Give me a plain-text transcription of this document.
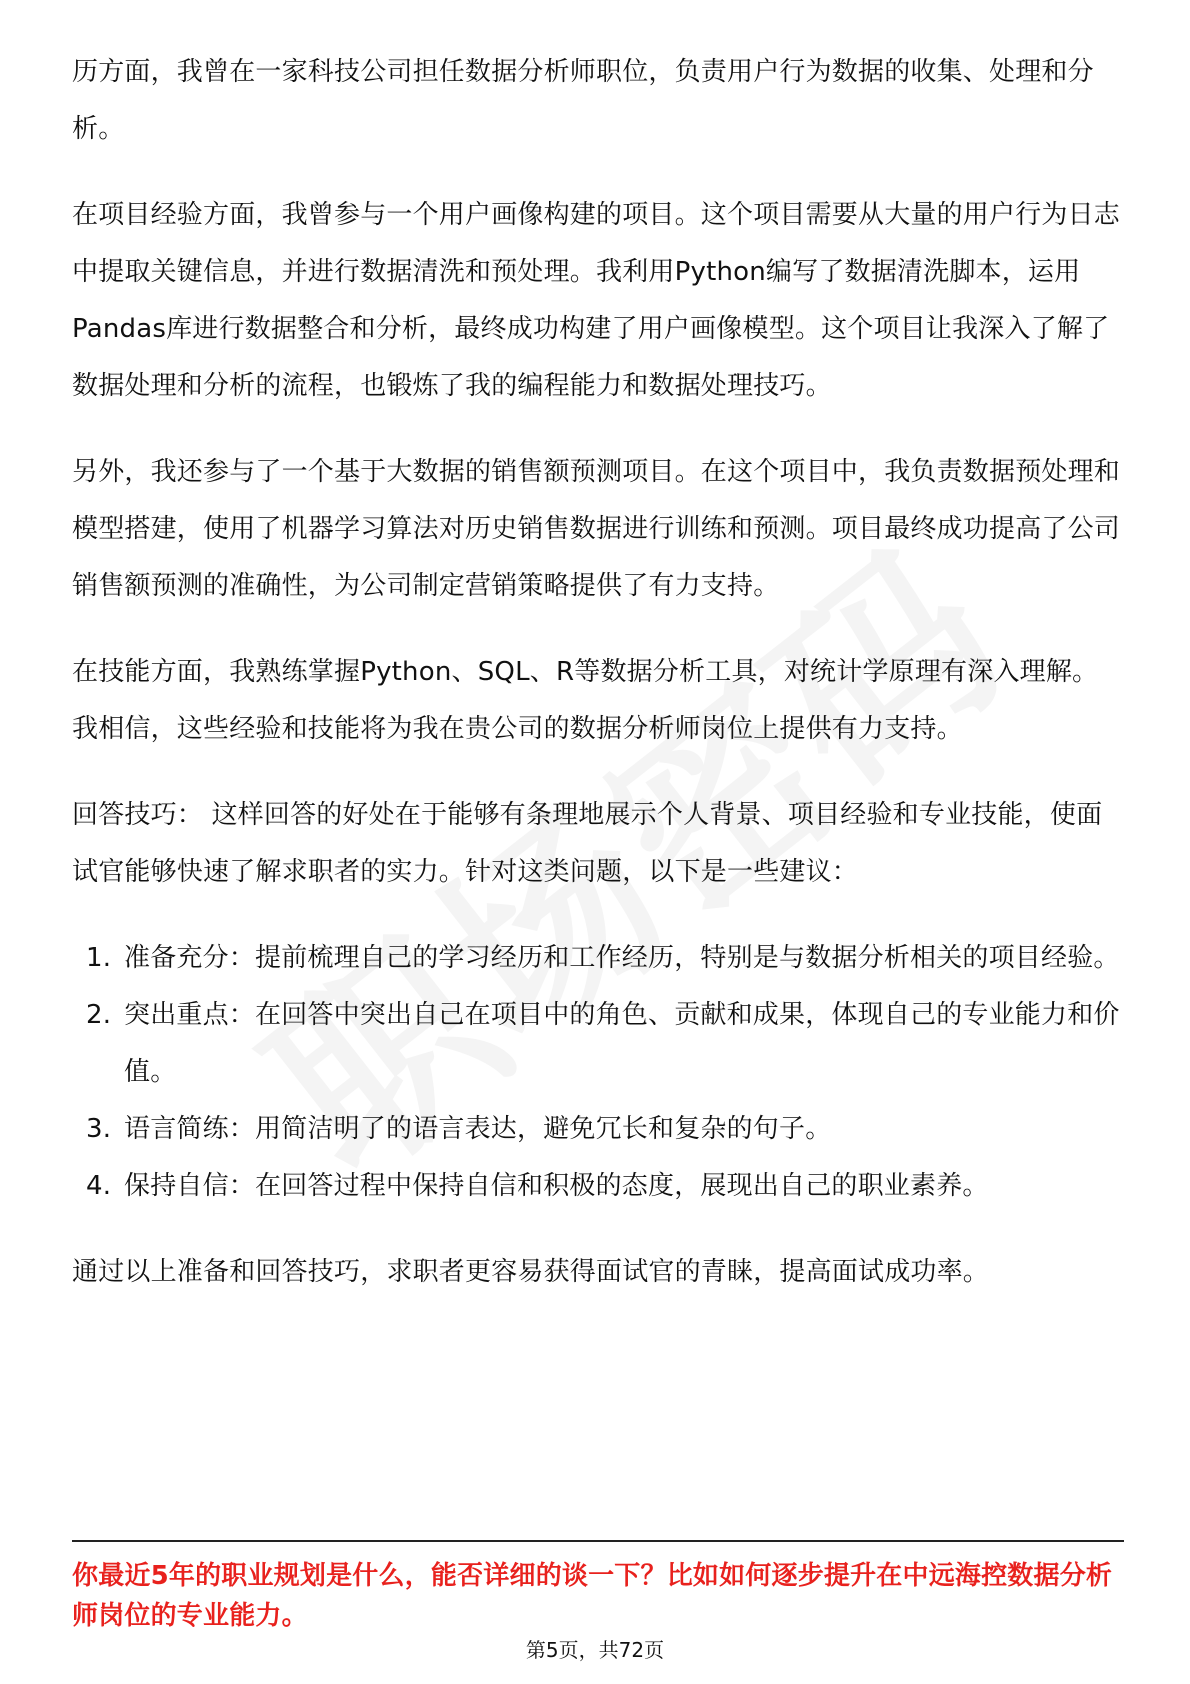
历方面，我曾在一家科技公司担任数据分析师职位，负责用户行为数据的收集、处理和分析。

在项目经验方面，我曾参与一个用户画像构建的项目。这个项目需要从大量的用户行为日志中提取关键信息，并进行数据清洗和预处理。我利用Python编写了数据清洗脚本，运用Pandas库进行数据整合和分析，最终成功构建了用户画像模型。这个项目让我深入了解了数据处理和分析的流程，也锻炼了我的编程能力和数据处理技巧。

另外，我还参与了一个基于大数据的销售额预测项目。在这个项目中，我负责数据预处理和模型搭建，使用了机器学习算法对历史销售数据进行训练和预测。项目最终成功提高了公司销售额预测的准确性，为公司制定营销策略提供了有力支持。

在技能方面，我熟练掌握Python、SQL、R等数据分析工具，对统计学原理有深入理解。我相信，这些经验和技能将为我在贵公司的数据分析师岗位上提供有力支持。

回答技巧： 这样回答的好处在于能够有条理地展示个人背景、项目经验和专业技能，使面试官能够快速了解求职者的实力。针对这类问题，以下是一些建议：

1. 准备充分：提前梳理自己的学习经历和工作经历，特别是与数据分析相关的项目经验。
2. 突出重点：在回答中突出自己在项目中的角色、贡献和成果，体现自己的专业能力和价值。
3. 语言简练：用简洁明了的语言表达，避免冗长和复杂的句子。
4. 保持自信：在回答过程中保持自信和积极的态度，展现出自己的职业素养。

通过以上准备和回答技巧，求职者更容易获得面试官的青睐，提高面试成功率。

你最近5年的职业规划是什么，能否详细的谈一下？比如如何逐步提升在中远海控数据分析师岗位的专业能力。
第5页，共72页
